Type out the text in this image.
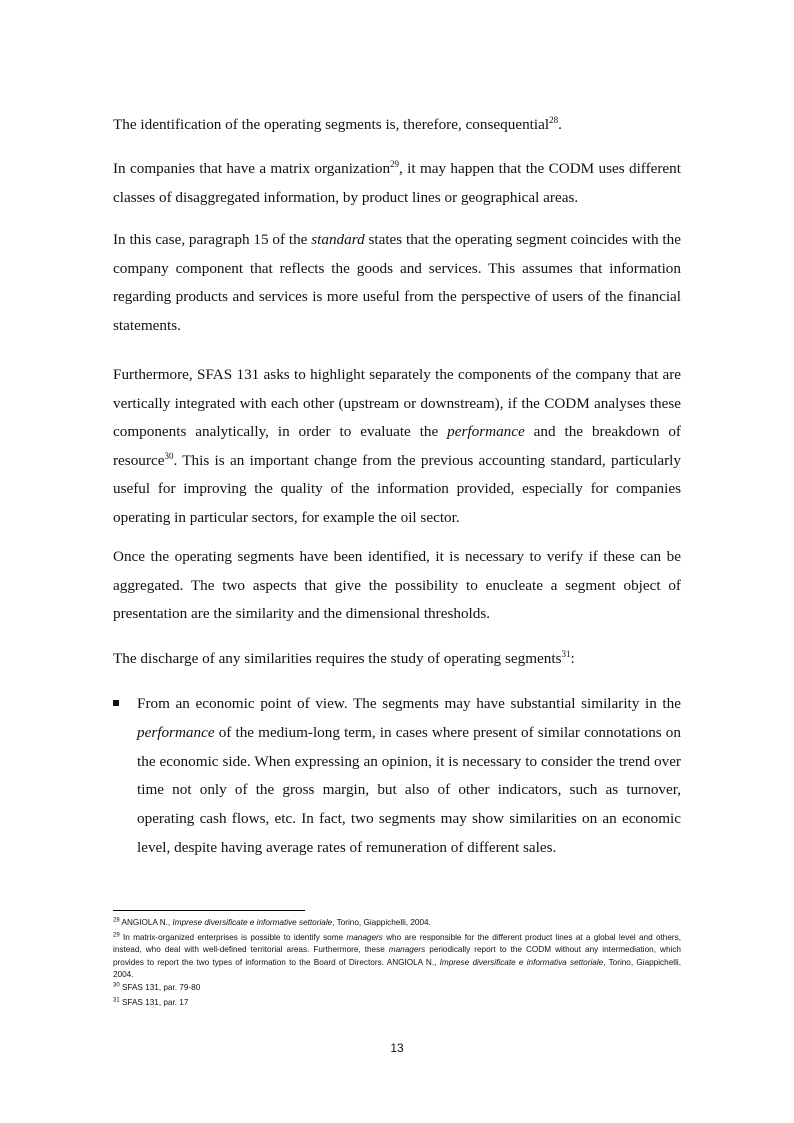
The identification of the operating segments is, therefore, consequential$^{28}$.

In companies that have a matrix organization$^{29}$, it may happen that the CODM uses different classes of disaggregated information, by product lines or geographical areas.

In this case, paragraph 15 of the standard states that the operating segment coincides with the company component that reflects the goods and services. This assumes that information regarding products and services is more useful from the perspective of users of the financial statements.

Furthermore, SFAS 131 asks to highlight separately the components of the company that are vertically integrated with each other (upstream or downstream), if the CODM analyses these components analytically, in order to evaluate the performance and the breakdown of resource$^{30}$. This is an important change from the previous accounting standard, particularly useful for improving the quality of the information provided, especially for companies operating in particular sectors, for example the oil sector.

Once the operating segments have been identified, it is necessary to verify if these can be aggregated. The two aspects that give the possibility to enucleate a segment object of presentation are the similarity and the dimensional thresholds.

The discharge of any similarities requires the study of operating segments$^{31}$:

From an economic point of view. The segments may have substantial similarity in the performance of the medium-long term, in cases where present of similar connotations on the economic side. When expressing an opinion, it is necessary to consider the trend over time not only of the gross margin, but also of other indicators, such as turnover, operating cash flows, etc. In fact, two segments may show similarities on an economic level, despite having average rates of remuneration of different sales.

$^{28}$ ANGIOLA N., Imprese diversificate e informative settoriale, Torino, Giappichelli, 2004.
$^{29}$ In matrix-organized enterprises is possible to identify some managers who are responsible for the different product lines at a global level and others, instead, who deal with well-defined territorial areas. Furthermore, these managers periodically report to the CODM without any intermediation, which provides to report the two types of information to the Board of Directors. ANGIOLA N., Imprese diversificate e informativa settoriale, Torino, Giappichelli, 2004.
$^{30}$ SFAS 131, par. 79-80
$^{31}$ SFAS 131, par. 17
13
